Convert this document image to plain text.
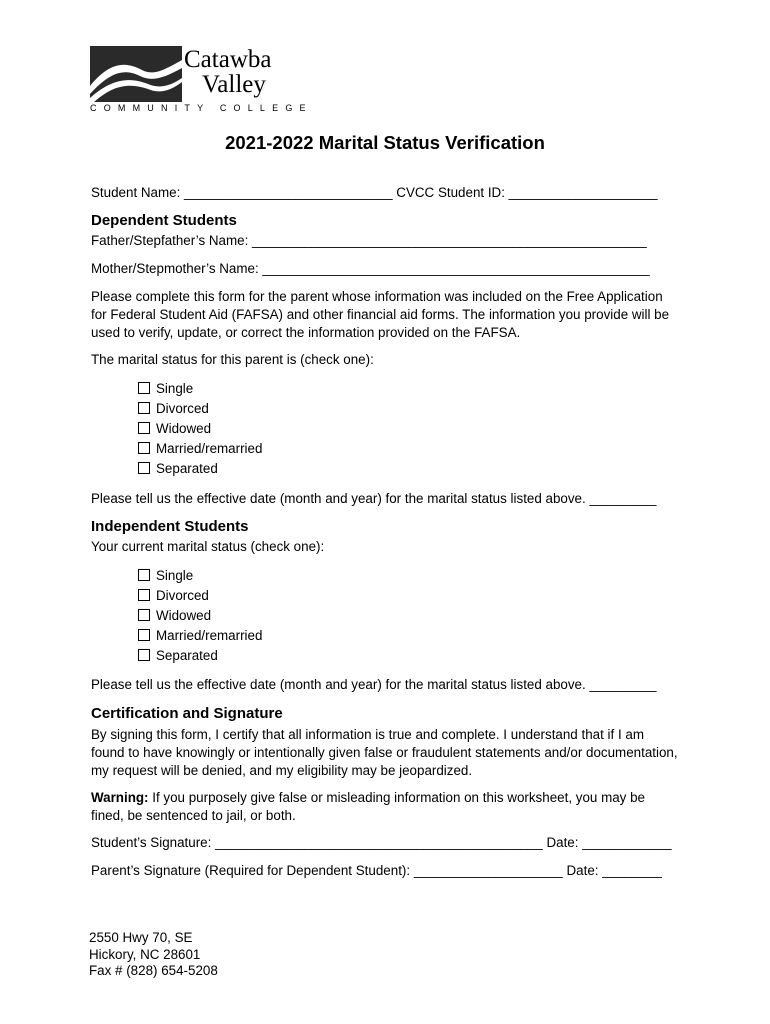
Catawba
Valley
COMMUNITY COLLEGE
2021-2022 Marital Status Verification
Student Name: ____________________________ CVCC Student ID: ____________________
Dependent Students
Father/Stepfather’s Name: _____________________________________________________
Mother/Stepmother’s Name: ____________________________________________________
Please complete this form for the parent whose information was included on the Free Application for Federal Student Aid (FAFSA) and other financial aid forms. The information you provide will be used to verify, update, or correct the information provided on the FAFSA.
The marital status for this parent is (check one):
Single
Divorced
Widowed
Married/remarried
Separated
Please tell us the effective date (month and year) for the marital status listed above. _________
Independent Students
Your current marital status (check one):
Single
Divorced
Widowed
Married/remarried
Separated
Please tell us the effective date (month and year) for the marital status listed above. _________
Certification and Signature
By signing this form, I certify that all information is true and complete. I understand that if I am found to have knowingly or intentionally given false or fraudulent statements and/or documentation, my request will be denied, and my eligibility may be jeopardized.
Warning: If you purposely give false or misleading information on this worksheet, you may be fined, be sentenced to jail, or both.
Student’s Signature: ____________________________________________ Date: ____________
Parent’s Signature (Required for Dependent Student): ____________________ Date: ________
2550 Hwy 70, SE
Hickory, NC 28601
Fax # (828) 654-5208
